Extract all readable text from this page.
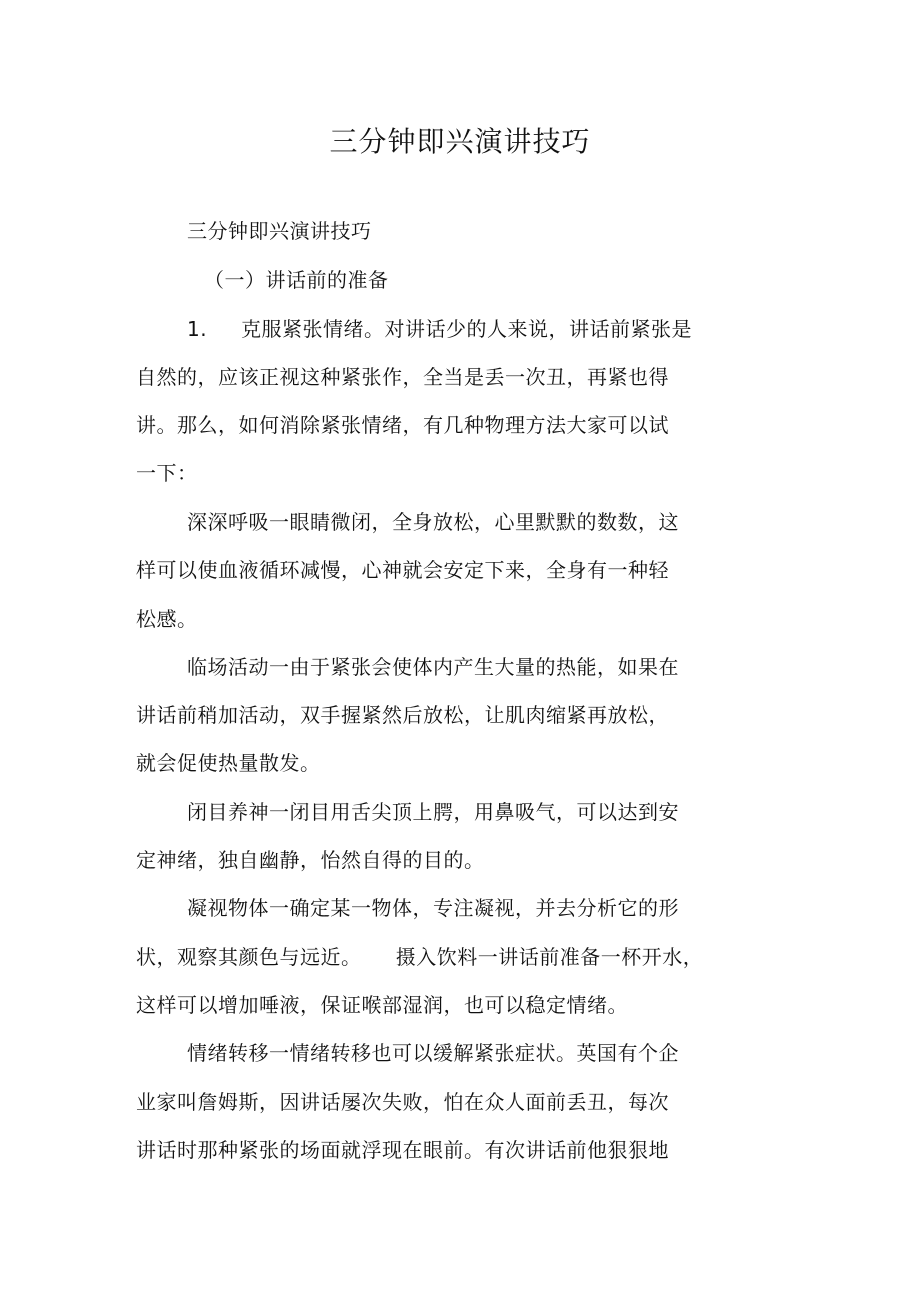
三分钟即兴演讲技巧
三分钟即兴演讲技巧
（一）讲话前的准备
1. 克服紧张情绪。对讲话少的人来说，讲话前紧张是
自然的，应该正视这种紧张作，全当是丢一次丑，再紧也得
讲。那么，如何消除紧张情绪，有几种物理方法大家可以试
一下：
深深呼吸一眼睛微闭，全身放松，心里默默的数数，这
样可以使血液循环减慢，心神就会安定下来，全身有一种轻
松感。
临场活动一由于紧张会使体内产生大量的热能，如果在
讲话前稍加活动，双手握紧然后放松，让肌肉缩紧再放松，
就会促使热量散发。
闭目养神一闭目用舌尖顶上腭，用鼻吸气，可以达到安
定神绪，独自幽静，怡然自得的目的。
凝视物体一确定某一物体，专注凝视，并去分析它的形
状，观察其颜色与远近。     摄入饮料一讲话前准备一杯开水，
这样可以增加唾液，保证喉部湿润，也可以稳定情绪。
情绪转移一情绪转移也可以缓解紧张症状。英国有个企
业家叫詹姆斯，因讲话屡次失败，怕在众人面前丢丑，每次
讲话时那种紧张的场面就浮现在眼前。有次讲话前他狠狠地
